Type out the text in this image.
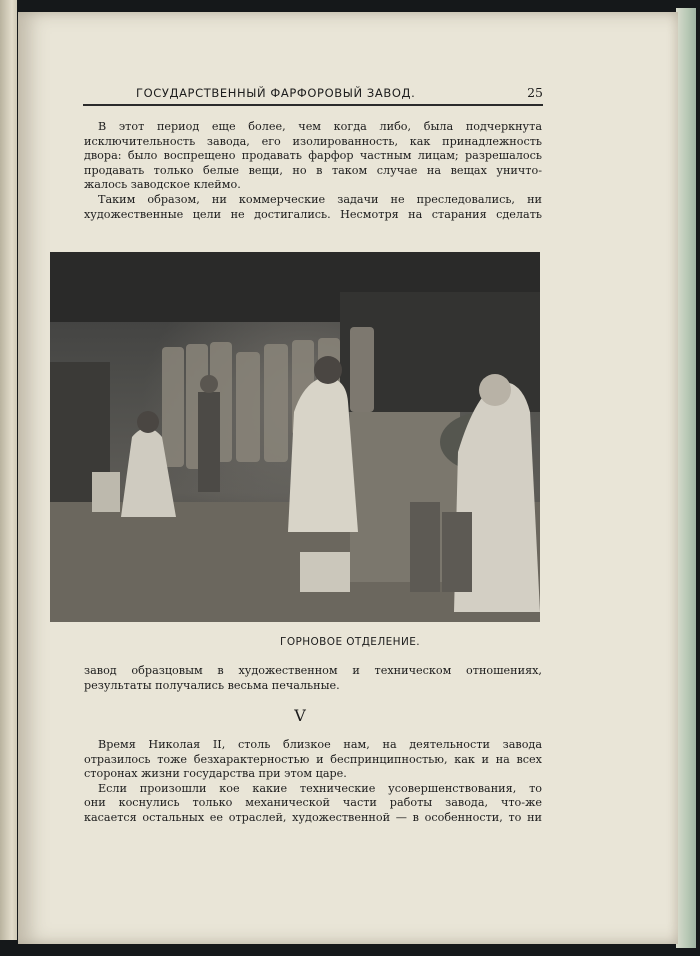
ГОСУДАРСТВЕННЫЙ ФАРФОРОВЫЙ ЗАВОД.	25

В этот период еще более, чем когда либо, была подчеркнута
исключительность завода, его изолированность, как принадлежность
двора: было воспрещено продавать фарфор частным лицам; разрешалось
продавать только белые вещи, но в таком случае на вещах уничто-
жалось заводское клеймо.

Таким образом, ни коммерческие задачи не преследовались, ни
художественные цели не достигались. Несмотря на старания сделать

ГОРНОВОЕ ОТДЕЛЕНИЕ.
завод образцовым в художественном и техническом отношениях,
результаты получались весьма печальные.
V

Время Николая II, столь близкое нам, на деятельности завода
отразилось тоже безхарактерностью и беспринципностью, как и на всех
сторонах жизни государства при этом царе.

Если произошли кое какие технические усовершенствования, то
они коснулись только механической части работы завода, что-же
касается остальных ее отраслей, художественной — в особенности, то ни
